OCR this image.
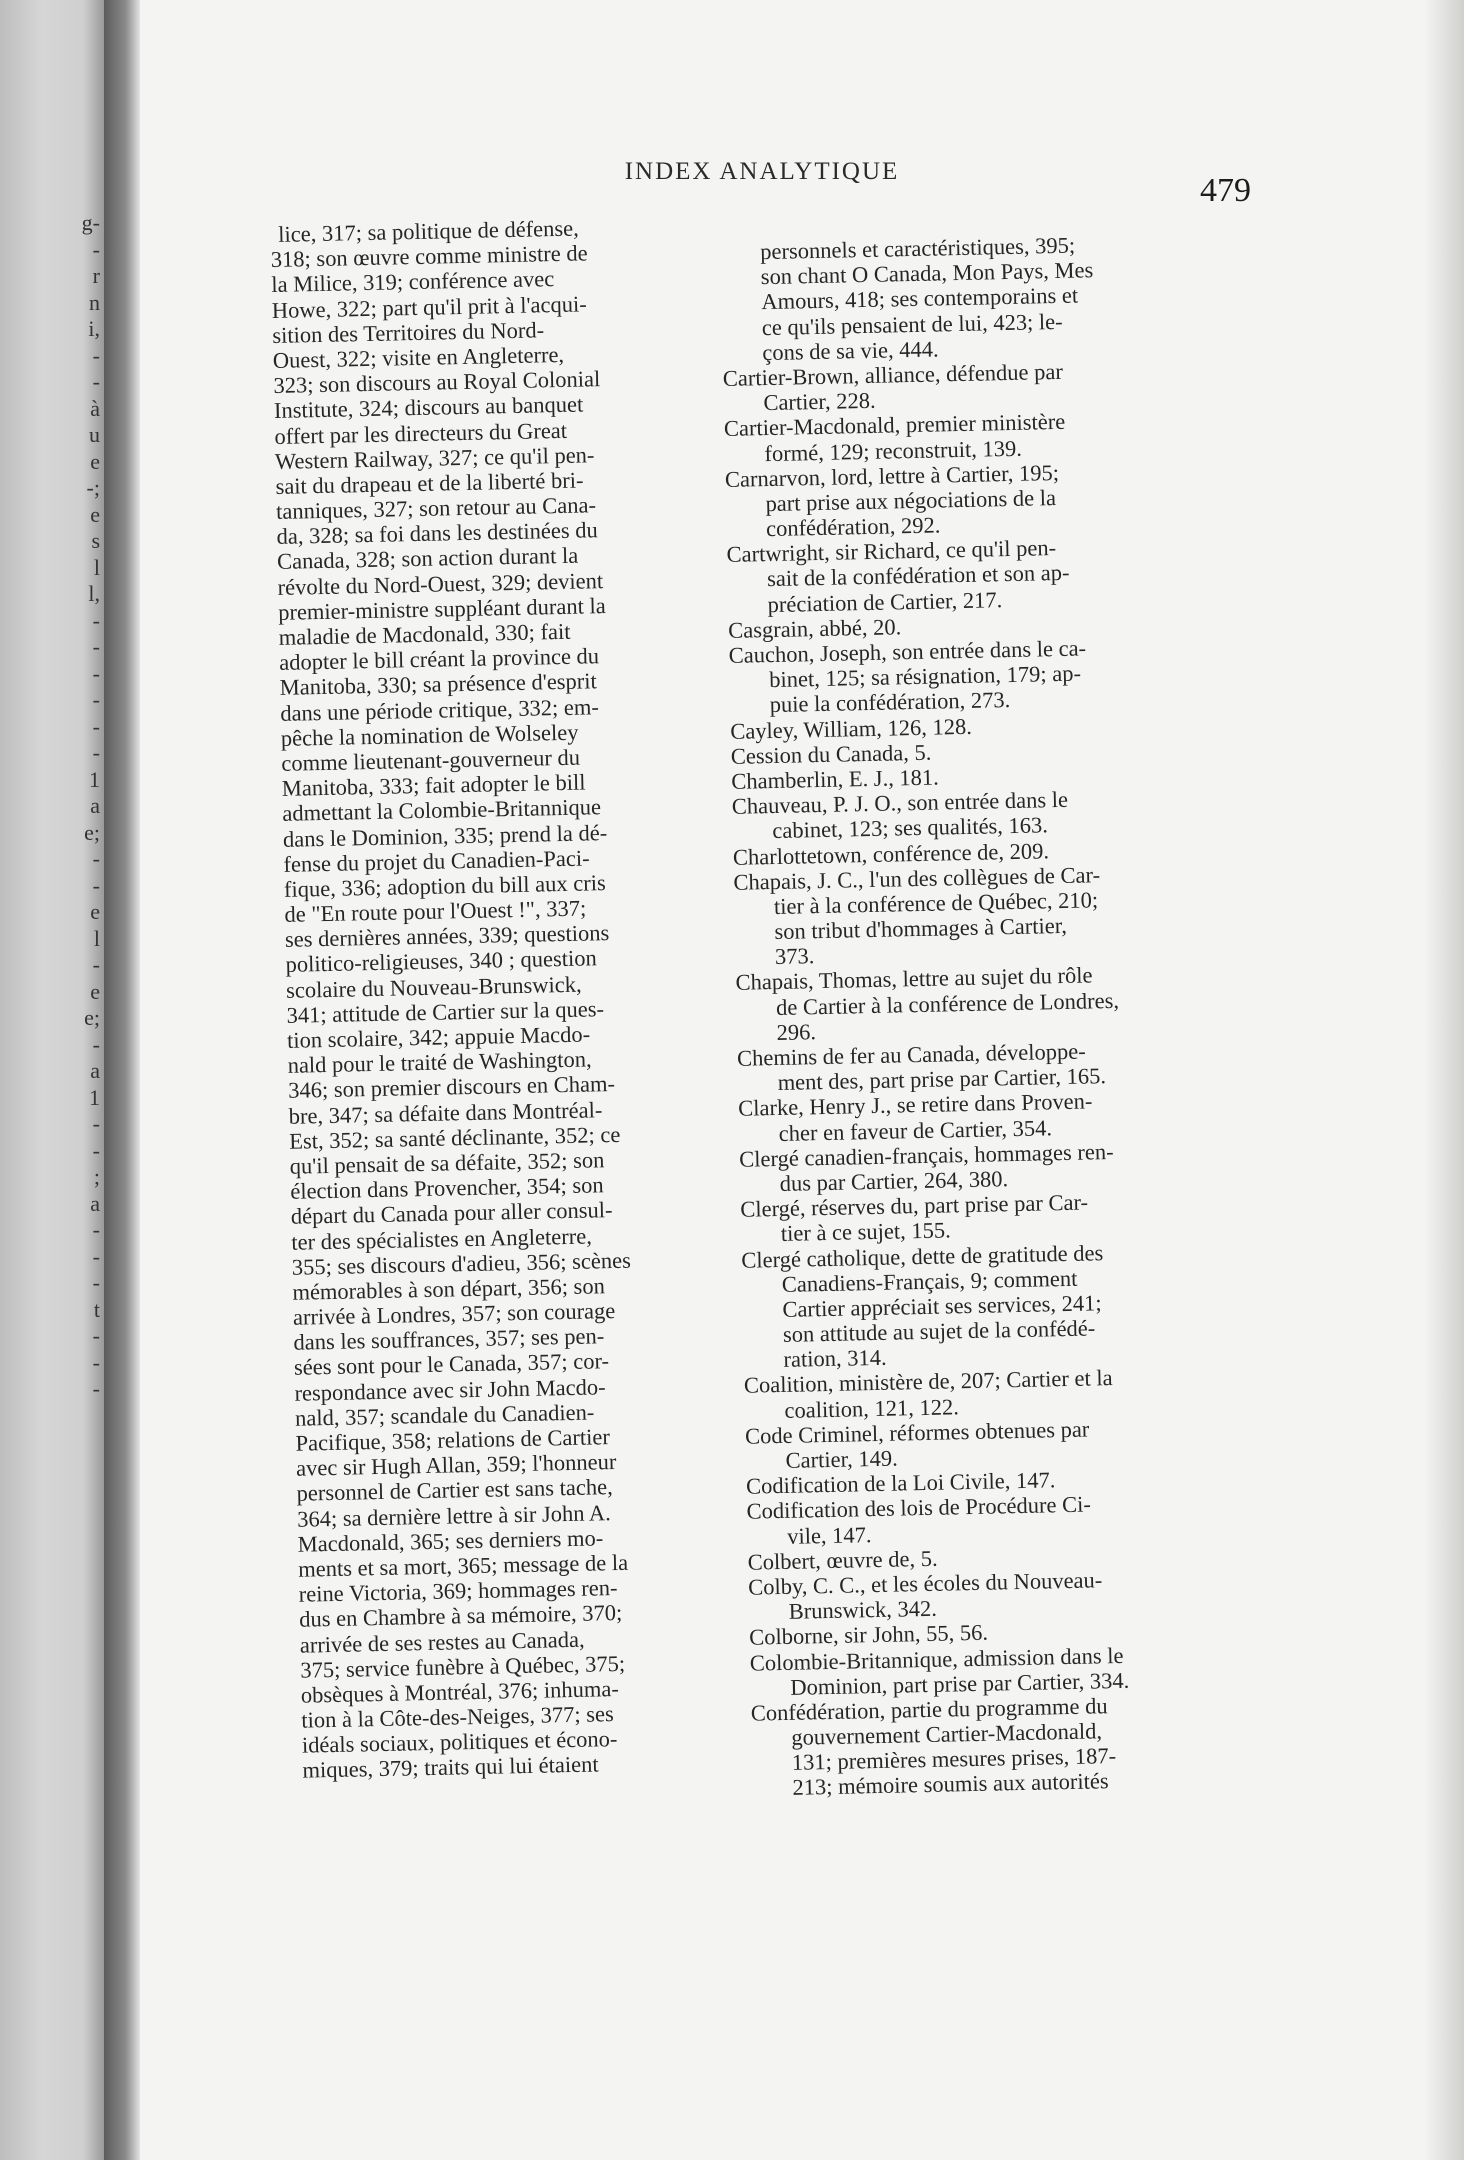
g-
-
r
n
i,
-
-
à
u
e
-;
e
s
l
l,
-
-
-
-
-
-
1
a
e;
-
-
e
l
-
e
e;
-
a
1
-
-
;
a
-
-
-
t
-
-
-
INDEX ANALYTIQUE
479
lice, 317; sa politique de défense,
318; son œuvre comme ministre de
la Milice, 319; conférence avec
Howe, 322; part qu'il prit à l'acqui-
sition des Territoires du Nord-
Ouest, 322; visite en Angleterre,
323; son discours au Royal Colonial
Institute, 324; discours au banquet
offert par les directeurs du Great
Western Railway, 327; ce qu'il pen-
sait du drapeau et de la liberté bri-
tanniques, 327; son retour au Cana-
da, 328; sa foi dans les destinées du
Canada, 328; son action durant la
révolte du Nord-Ouest, 329; devient
premier-ministre suppléant durant la
maladie de Macdonald, 330; fait
adopter le bill créant la province du
Manitoba, 330; sa présence d'esprit
dans une période critique, 332; em-
pêche la nomination de Wolseley
comme lieutenant-gouverneur du
Manitoba, 333; fait adopter le bill
admettant la Colombie-Britannique
dans le Dominion, 335; prend la dé-
fense du projet du Canadien-Paci-
fique, 336; adoption du bill aux cris
de "En route pour l'Ouest !", 337;
ses dernières années, 339; questions
politico-religieuses, 340 ; question
scolaire du Nouveau-Brunswick,
341; attitude de Cartier sur la ques-
tion scolaire, 342; appuie Macdo-
nald pour le traité de Washington,
346; son premier discours en Cham-
bre, 347; sa défaite dans Montréal-
Est, 352; sa santé déclinante, 352; ce
qu'il pensait de sa défaite, 352; son
élection dans Provencher, 354; son
départ du Canada pour aller consul-
ter des spécialistes en Angleterre,
355; ses discours d'adieu, 356; scènes
mémorables à son départ, 356; son
arrivée à Londres, 357; son courage
dans les souffrances, 357; ses pen-
sées sont pour le Canada, 357; cor-
respondance avec sir John Macdo-
nald, 357; scandale du Canadien-
Pacifique, 358; relations de Cartier
avec sir Hugh Allan, 359; l'honneur
personnel de Cartier est sans tache,
364; sa dernière lettre à sir John A.
Macdonald, 365; ses derniers mo-
ments et sa mort, 365; message de la
reine Victoria, 369; hommages ren-
dus en Chambre à sa mémoire, 370;
arrivée de ses restes au Canada,
375; service funèbre à Québec, 375;
obsèques à Montréal, 376; inhuma-
tion à la Côte-des-Neiges, 377; ses
idéals sociaux, politiques et écono-
miques, 379; traits qui lui étaient
personnels et caractéristiques, 395;
son chant O Canada, Mon Pays, Mes
Amours, 418; ses contemporains et
ce qu'ils pensaient de lui, 423; le-
çons de sa vie, 444.
Cartier-Brown, alliance, défendue par
Cartier, 228.
Cartier-Macdonald, premier ministère
formé, 129; reconstruit, 139.
Carnarvon, lord, lettre à Cartier, 195;
part prise aux négociations de la
confédération, 292.
Cartwright, sir Richard, ce qu'il pen-
sait de la confédération et son ap-
préciation de Cartier, 217.
Casgrain, abbé, 20.
Cauchon, Joseph, son entrée dans le ca-
binet, 125; sa résignation, 179; ap-
puie la confédération, 273.
Cayley, William, 126, 128.
Cession du Canada, 5.
Chamberlin, E. J., 181.
Chauveau, P. J. O., son entrée dans le
cabinet, 123; ses qualités, 163.
Charlottetown, conférence de, 209.
Chapais, J. C., l'un des collègues de Car-
tier à la conférence de Québec, 210;
son tribut d'hommages à Cartier,
373.
Chapais, Thomas, lettre au sujet du rôle
de Cartier à la conférence de Londres,
296.
Chemins de fer au Canada, développe-
ment des, part prise par Cartier, 165.
Clarke, Henry J., se retire dans Proven-
cher en faveur de Cartier, 354.
Clergé canadien-français, hommages ren-
dus par Cartier, 264, 380.
Clergé, réserves du, part prise par Car-
tier à ce sujet, 155.
Clergé catholique, dette de gratitude des
Canadiens-Français, 9; comment
Cartier appréciait ses services, 241;
son attitude au sujet de la confédé-
ration, 314.
Coalition, ministère de, 207; Cartier et la
coalition, 121, 122.
Code Criminel, réformes obtenues par
Cartier, 149.
Codification de la Loi Civile, 147.
Codification des lois de Procédure Ci-
vile, 147.
Colbert, œuvre de, 5.
Colby, C. C., et les écoles du Nouveau-
Brunswick, 342.
Colborne, sir John, 55, 56.
Colombie-Britannique, admission dans le
Dominion, part prise par Cartier, 334.
Confédération, partie du programme du
gouvernement Cartier-Macdonald,
131; premières mesures prises, 187-
213; mémoire soumis aux autorités
